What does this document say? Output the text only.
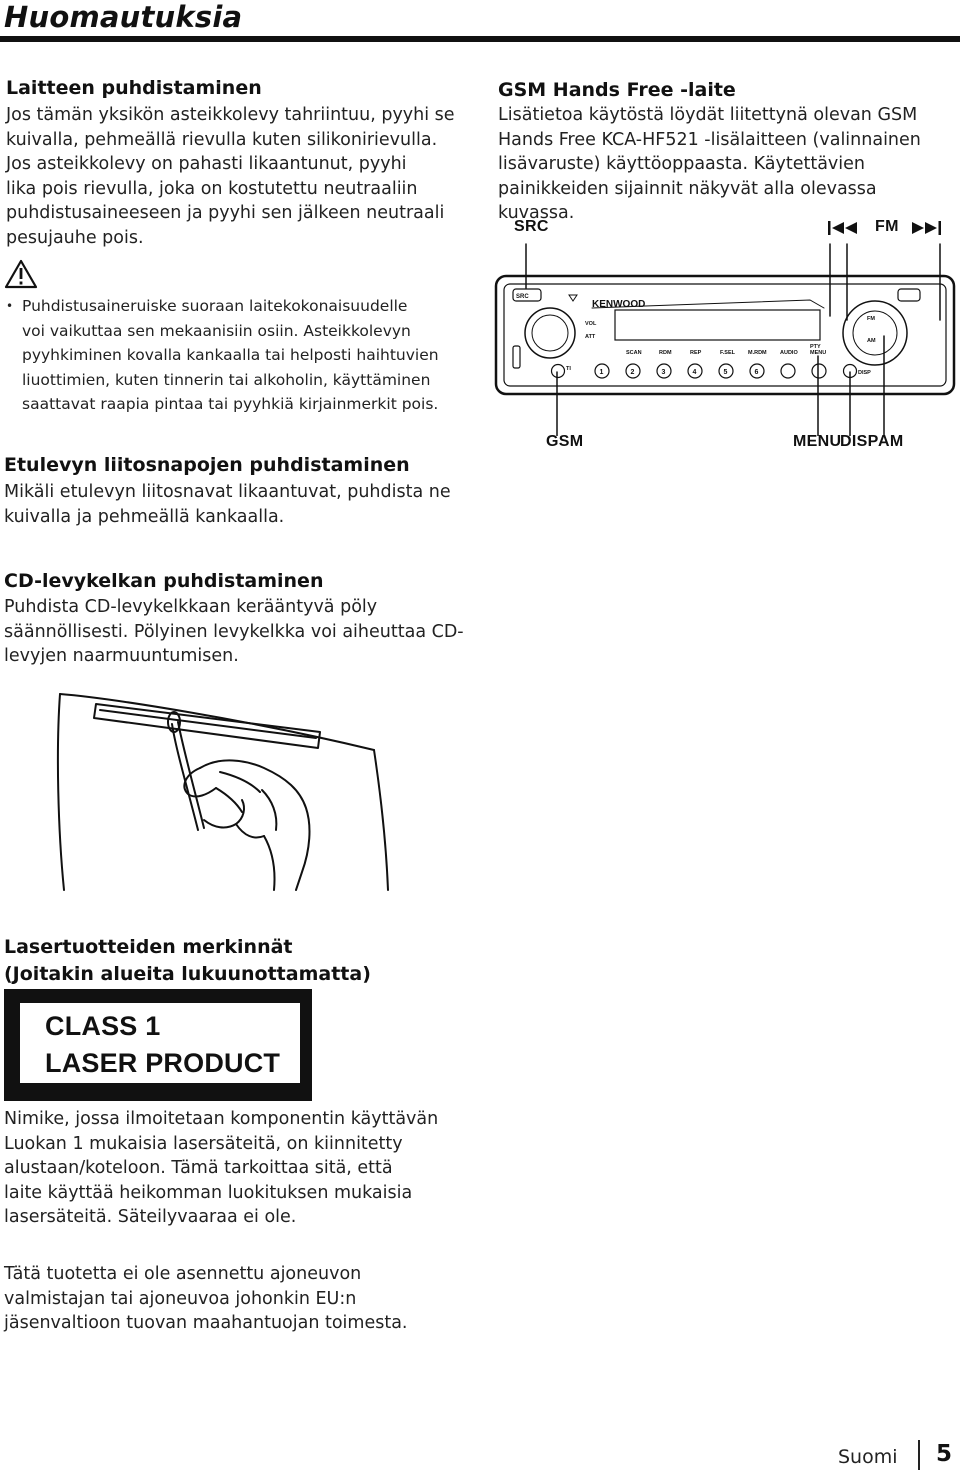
Huomautuksia
Laitteen puhdistaminen
Jos tämän yksikön asteikkolevy tahriintuu, pyyhi se
kuivalla, pehmeällä rievulla kuten silikonirievulla.
Jos asteikkolevy on pahasti likaantunut, pyyhi
lika pois rievulla, joka on kostutettu neutraaliin
puhdistusaineeseen ja pyyhi sen jälkeen neutraali
pesujauhe pois.
• Puhdistusaineruiske suoraan laitekokonaisuudelle
voi vaikuttaa sen mekaanisiin osiin. Asteikkolevyn
pyyhkiminen kovalla kankaalla tai helposti haihtuvien
liuottimien, kuten tinnerin tai alkoholin, käyttäminen
saattavat raapia pintaa tai pyyhkiä kirjainmerkit pois.
Etulevyn liitosnapojen puhdistaminen
Mikäli etulevyn liitosnavat likaantuvat, puhdista ne
kuivalla ja pehmeällä kankaalla.
CD-levykelkan puhdistaminen
Puhdista CD-levykelkkaan kerääntyvä pöly
säännöllisesti. Pölyinen levykelkka voi aiheuttaa CD-
levyjen naarmuuntumisen.
Lasertuotteiden merkinnät
(Joitakin alueita lukuunottamatta)
CLASS 1
LASER PRODUCT
Nimike, jossa ilmoitetaan komponentin käyttävän
Luokan 1 mukaisia lasersäteitä, on kiinnitetty
alustaan/koteloon. Tämä tarkoittaa sitä, että
laite käyttää heikomman luokituksen mukaisia
lasersäteitä. Säteilyvaaraa ei ole.
Tätä tuotetta ei ole asennettu ajoneuvon
valmistajan tai ajoneuvoa johonkin EU:n
jäsenvaltioon tuovan maahantuojan toimesta.
GSM Hands Free -laite
Lisätietoa käytöstä löydät liitettynä olevan GSM
Hands Free KCA-HF521 -lisälaitteen (valinnainen
lisävaruste) käyttöoppaasta. Käytettävien
painikkeiden sijainnit näkyvät alla olevassa kuvassa.
SRC	FM
SRC
KENWOOD
VOL
ATT
SCAN	RDM	REP	F.SEL M.RDM AUDIO
PTY
MENU
TI	1	2	3	4	5	6	DISP
FM
AM
GSM	MENU
DISP AM
Suomi 5
